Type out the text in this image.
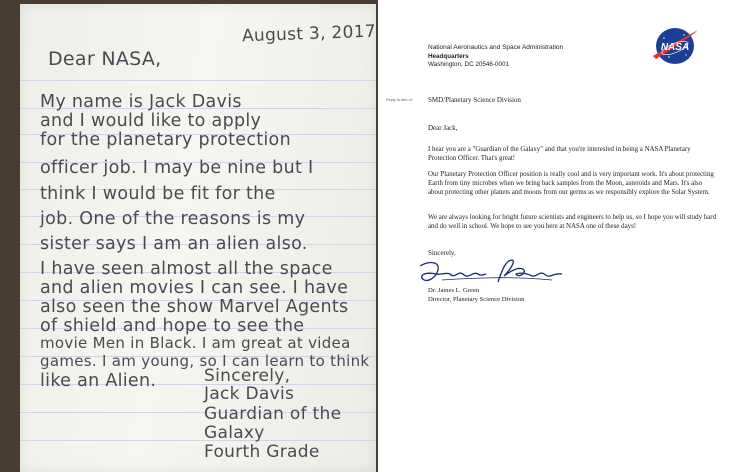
August 3, 2017
Dear NASA,
My name is Jack Davis
and I would like to apply
for the planetary protection
officer job. I may be nine but I
think I would be fit for the
job. One of the reasons is my
sister says I am an alien also.
I have seen almost all the space
and alien movies I can see. I have
also seen the show Marvel Agents
of shield and hope to see the
movie Men in Black. I am great at videa
games. I am young, so I can learn to think
like an Alien.	Sincerely,
Jack Davis
Guardian of the
Galaxy
Fourth Grade
National Aeronautics and Space Administration
Headquarters
Washington, DC 20546-0001
NASA
Reply to Attn of: SMD/Planetary Science Division
Dear Jack,
I hear you are a "Guardian of the Galaxy" and that you're interested in being a NASA Planetary Protection Officer. That's great!
Our Planetary Protection Officer position is really cool and is very important work. It's about protecting Earth from tiny microbes when we bring back samples from the Moon, asteroids and Mars. It's also about protecting other planets and moons from our germs as we responsibly explore the Solar System.
We are always looking for bright future scientists and engineers to help us, so I hope you will study hard and do well in school. We hope to see you here at NASA one of these days!
Sincerely,
Dr. James L. Green
Director, Planetary Science Division
